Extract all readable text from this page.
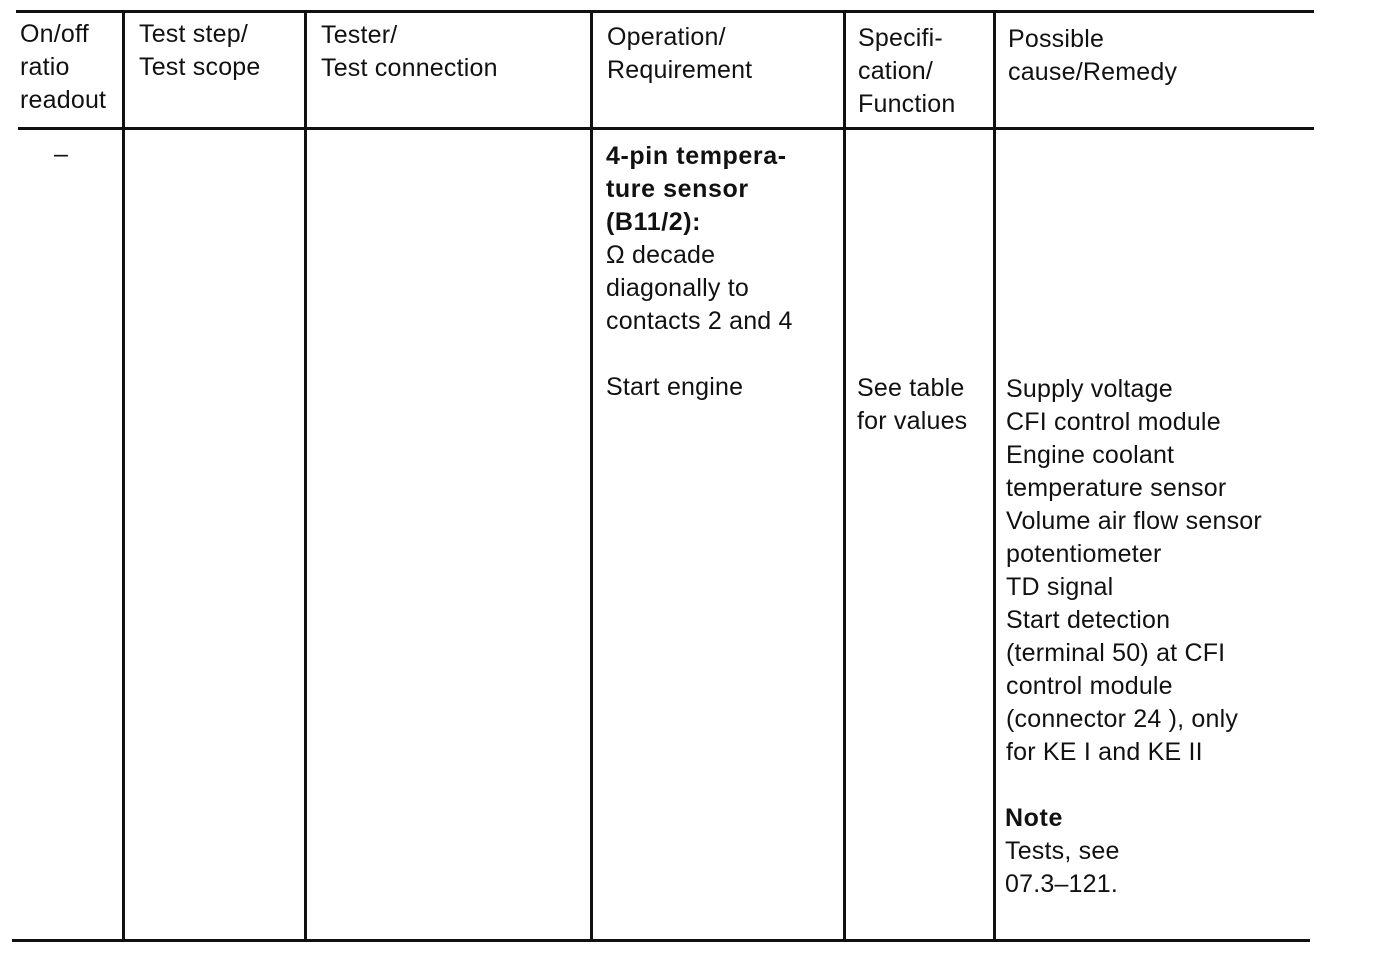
On/off
ratio
readout
Test step/
Test scope
Tester/
Test connection
Operation/
Requirement
Specifi-
cation/
Function
Possible
cause/Remedy
–	4-pin tempera-
ture sensor
(B11/2):
Ω decade
diagonally to
contacts 2 and 4
Start engine	See table
for values
Supply voltage
CFI control module
Engine coolant
temperature sensor
Volume air flow sensor
potentiometer
TD signal
Start detection
(terminal 50) at CFI
control module
(connector 24 ), only
for KE I and KE II
Note
Tests, see
07.3–121.
